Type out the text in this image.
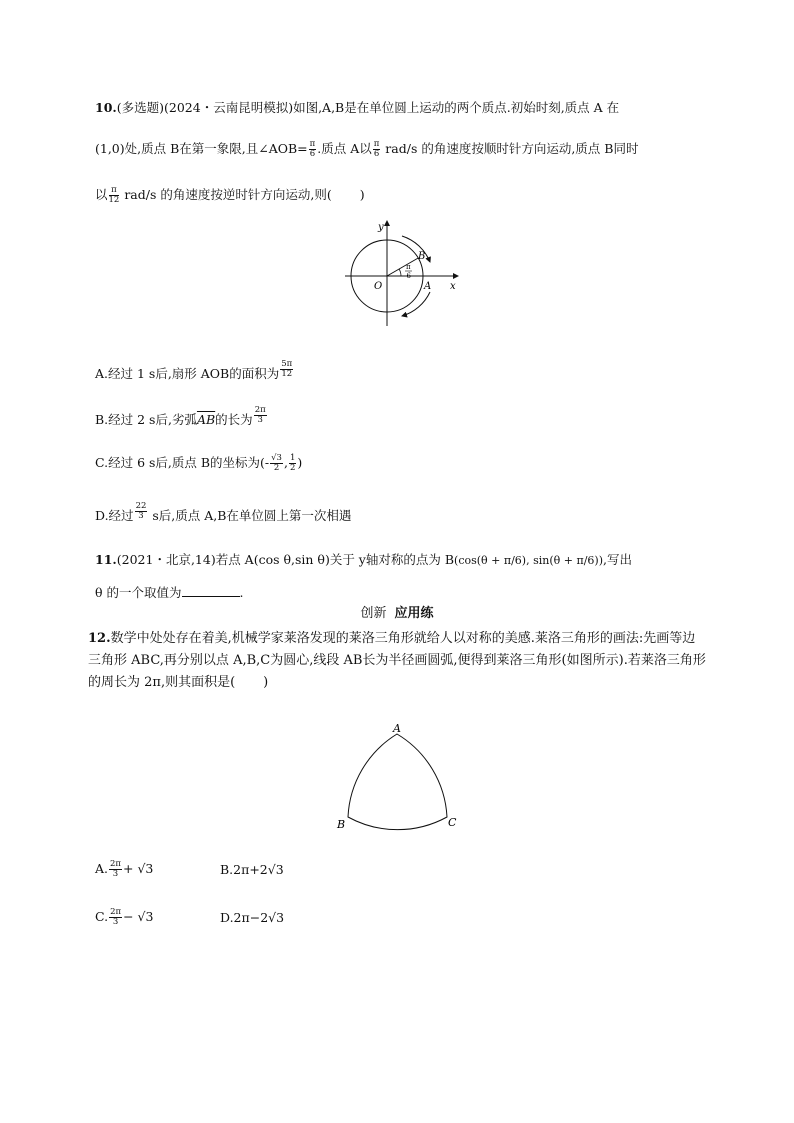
10.(多选题)(2024・云南昆明模拟)如图,A,B是在单位圆上运动的两个质点.初始时刻,质点 A 在
(1,0)处,质点 B在第一象限,且∠AOB= $\frac{\pi}{6}$ .质点 A以 $\frac{\pi}{6} rad/s$ 的角速度按顺时针方向运动,质点 B同时
以 $\frac{\pi}{12} rad/s$ 的角速度按逆时针方向运动,则( )
y
x
O	A
B
π
6
A.经过 1 s后,扇形 AOB的面积为 $\frac{5\pi}{12}$
B.经过 2 s后,劣弧$\overline{AB}$的长为 $\frac{2\pi}{3}$
C.经过 6 s后,质点 B的坐标为(- $\frac{√3}{2}$ , $\frac{1}{2}$ )
D.经过 $\frac{22}{3}$ s后,质点 A,B在单位圆上第一次相遇
11.(2021・北京,14)若点 A(cos θ,sin θ)关于 y轴对称的点为 B(cos(θ + π/6), sin(θ + π/6)),写出
θ 的一个取值为	.
创新 应用练
12.数学中处处存在着美,机械学家莱洛发现的莱洛三角形就给人以对称的美感.莱洛三角形的画法:先画等边三角形 ABC,再分别以点 A,B,C为圆心,线段 AB长为半径画圆弧,便得到莱洛三角形(如图所示).若莱洛三角形的周长为 2π,则其面积是( )
A
B	C
A. $\frac{2\pi}{3} + √3$	B.2π+2√3
C. $\frac{2\pi}{3} - √3$	D.2π−2√3
